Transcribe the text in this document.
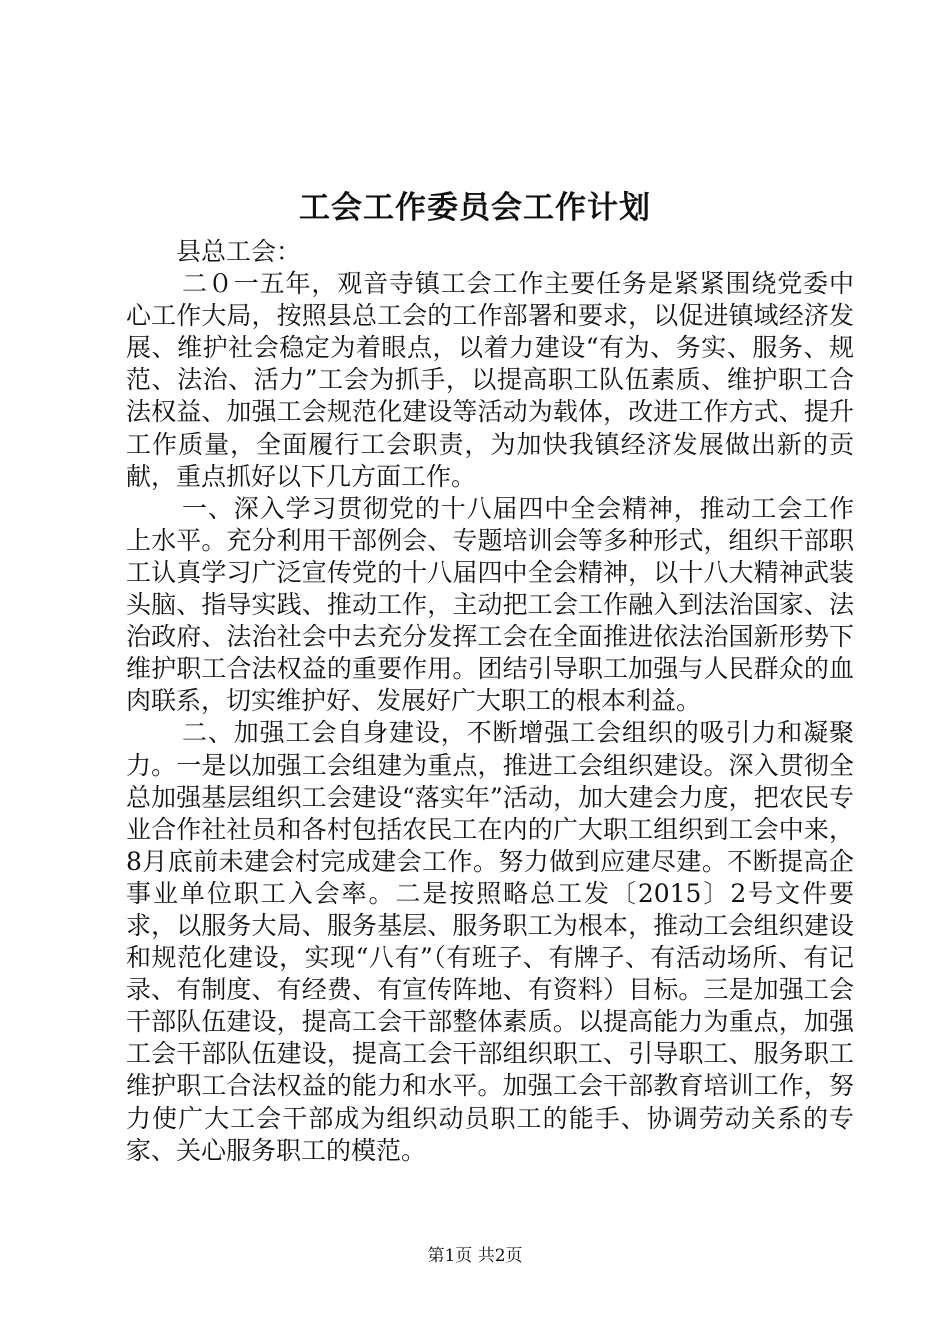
工会工作委员会工作计划

县总工会：

二０一五年，观音寺镇工会工作主要任务是紧紧围绕党委中心工作大局，按照县总工会的工作部署和要求，以促进镇域经济发展、维护社会稳定为着眼点，以着力建设“有为、务实、服务、规范、法治、活力”工会为抓手，以提高职工队伍素质、维护职工合法权益、加强工会规范化建设等活动为载体，改进工作方式、提升工作质量，全面履行工会职责，为加快我镇经济发展做出新的贡献，重点抓好以下几方面工作。

一、深入学习贯彻党的十八届四中全会精神，推动工会工作上水平。充分利用干部例会、专题培训会等多种形式，组织干部职工认真学习广泛宣传党的十八届四中全会精神，以十八大精神武装头脑、指导实践、推动工作，主动把工会工作融入到法治国家、法治政府、法治社会中去充分发挥工会在全面推进依法治国新形势下维护职工合法权益的重要作用。团结引导职工加强与人民群众的血肉联系，切实维护好、发展好广大职工的根本利益。

二、加强工会自身建设，不断增强工会组织的吸引力和凝聚力。一是以加强工会组建为重点，推进工会组织建设。深入贯彻全总加强基层组织工会建设“落实年”活动，加大建会力度，把农民专业合作社社员和各村包括农民工在内的广大职工组织到工会中来，8月底前未建会村完成建会工作。努力做到应建尽建。不断提高企事业单位职工入会率。二是按照略总工发〔2015〕2号文件要求，以服务大局、服务基层、服务职工为根本，推动工会组织建设和规范化建设，实现“八有”（有班子、有牌子、有活动场所、有记录、有制度、有经费、有宣传阵地、有资料）目标。三是加强工会干部队伍建设，提高工会干部整体素质。以提高能力为重点，加强工会干部队伍建设，提高工会干部组织职工、引导职工、服务职工维护职工合法权益的能力和水平。加强工会干部教育培训工作，努力使广大工会干部成为组织动员职工的能手、协调劳动关系的专家、关心服务职工的模范。

第1页 共2页
